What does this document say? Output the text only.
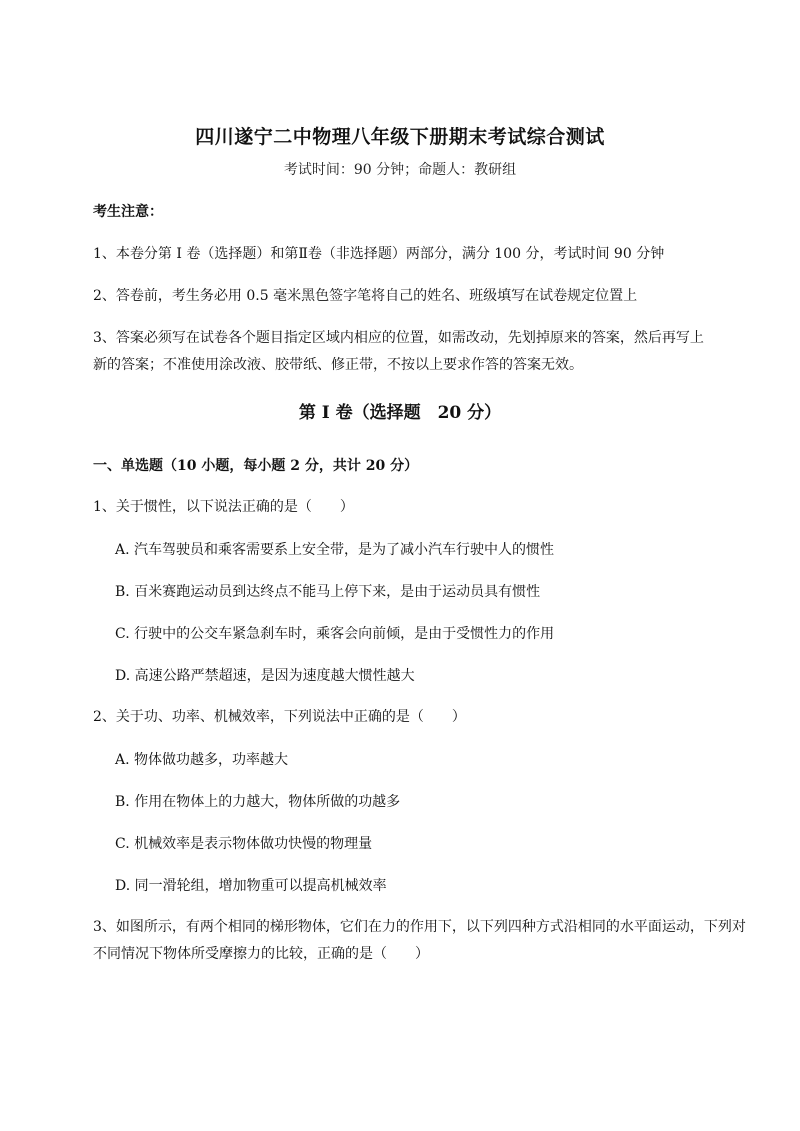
四川遂宁二中物理八年级下册期末考试综合测试
考试时间：90 分钟；命题人：教研组
考生注意：
1、本卷分第 I 卷（选择题）和第Ⅱ卷（非选择题）两部分，满分 100 分，考试时间 90 分钟
2、答卷前，考生务必用 0.5 毫米黑色签字笔将自己的姓名、班级填写在试卷规定位置上
3、答案必须写在试卷各个题目指定区域内相应的位置，如需改动，先划掉原来的答案，然后再写上新的答案；不准使用涂改液、胶带纸、修正带，不按以上要求作答的答案无效。
第 I 卷（选择题　20 分）
一、单选题（10 小题，每小题 2 分，共计 20 分）
1、关于惯性，以下说法正确的是（　　）
A. 汽车驾驶员和乘客需要系上安全带，是为了减小汽车行驶中人的惯性
B. 百米赛跑运动员到达终点不能马上停下来，是由于运动员具有惯性
C. 行驶中的公交车紧急刹车时，乘客会向前倾，是由于受惯性力的作用
D. 高速公路严禁超速，是因为速度越大惯性越大
2、关于功、功率、机械效率，下列说法中正确的是（　　）
A. 物体做功越多，功率越大
B. 作用在物体上的力越大，物体所做的功越多
C. 机械效率是表示物体做功快慢的物理量
D. 同一滑轮组，增加物重可以提高机械效率
3、如图所示，有两个相同的梯形物体，它们在力的作用下，以下列四种方式沿相同的水平面运动，下列对不同情况下物体所受摩擦力的比较，正确的是（　　）
